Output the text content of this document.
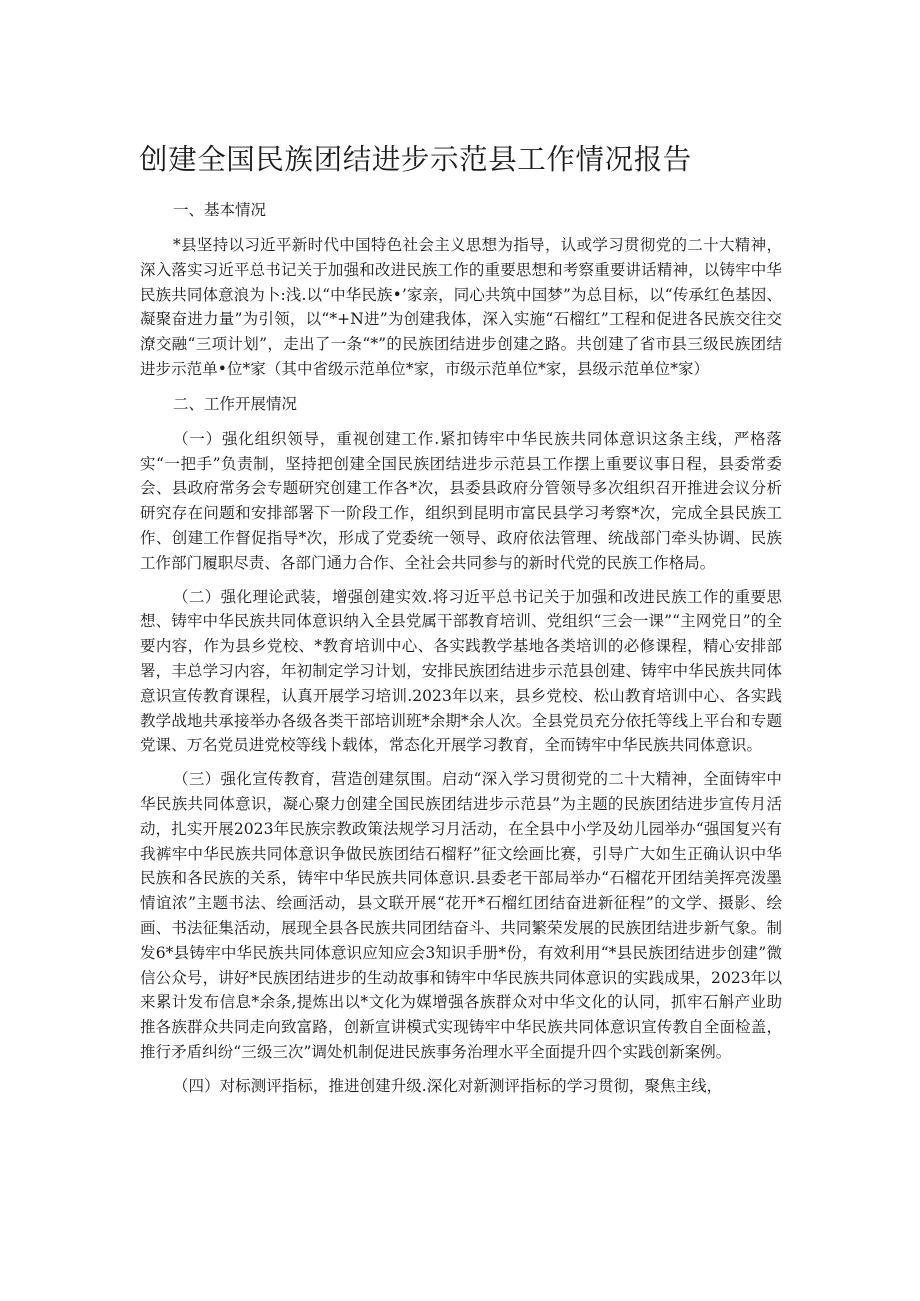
创建全国民族团结进步示范县工作情况报告

一、基本情况

*县坚持以习近平新时代中国特色社会主义思想为指导，认或学习贯彻党的二十大精神，深入落实习近平总书记关于加强和改进民族工作的重要思想和考察重要讲话精神，以铸牢中华民族共同体意浪为卜:浅.以“中华民族•’家亲，同心共筑中国梦”为总目标，以“传承红色基因、凝聚奋进力量”为引领，以“*+N进”为创建我体，深入实施“石榴红”工程和促进各民族交往交潦交融“三项计划”，走出了一条“*”的民族团结进步创建之路。共创建了省市县三级民族团结进步示范单•位*家（其中省级示范单位*家，市级示范单位*家，县级示范单位*家）

二、工作开展情况

（一）强化组织领导，重视创建工作.紧扣铸牢中华民族共同体意识这条主线，严格落实“一把手”负责制，坚持把创建全国民族团结进步示范县工作摆上重要议事日程，县委常委会、县政府常务会专题研究创建工作各*次，县委县政府分管领导多次组织召开推进会议分析研究存在问题和安排部署下一阶段工作，组织到昆明市富民县学习考察*次，完成全县民族工作、创建工作督促指导*次，形成了党委统一领导、政府依法管理、统战部门牵头协调、民族工作部门履职尽责、各部门通力合作、全社会共同参与的新时代党的民族工作格局。

（二）强化理论武装，增强创建实效.将习近平总书记关于加强和改进民族工作的重要思想、铸牢中华民族共同体意识纳入全县党属干部教育培训、党组织“三会一课”“主网党日”的全要内容，作为县乡党校、*教育培训中心、各实践教学基地各类培训的必修课程，精心安排部署，丰总学习内容，年初制定学习计划，安排民族团结进步示范县创建、铸牢中华民族共同体意识宣传教育课程，认真开展学习培训.2023年以来，县乡党校、松山教育培训中心、各实践教学战地共承接举办各级各类干部培训班*余期*余人次。全县党员充分依托等线上平台和专题党课、万名党员进党校等线卜载体，常态化开展学习教育，全而铸牢中华民族共同体意识。

（三）强化宣传教育，营造创建氛围。启动“深入学习贯彻党的二十大精神，全面铸牢中华民族共同体意识，凝心聚力创建全国民族团结进步示范县”为主题的民族团结进步宣传月活动，扎实开展2023年民族宗教政策法规学习月活动，在全县中小学及幼儿园举办“强国复兴有我裤牢中华民族共同体意识争做民族团结石榴籽”征文绘画比赛，引导广大如生正确认识中华民族和各民族的关系，铸牢中华民族共同体意识.县委老干部局举办“石榴花开团结美挥亮泼墨情谊浓”主题书法、绘画活动，县文联开展“花开*石榴红团结奋进新征程”的文学、摄影、绘画、书法征集活动，展现全县各民族共同团结奋斗、共同繁荣发展的民族团结进步新气象。制发6*县铸牢中华民族共同体意识应知应会3知识手册*份，有效利用“*县民族团结进步创建”微信公众号，讲好*民族团结进步的生动故事和铸牢中华民族共同体意识的实践成果，2023年以来累计发布信息*余条,提炼出以*文化为媒增强各族群众对中华文化的认同，抓牢石斛产业助推各族群众共同走向致富路，创新宣讲模式实现铸牢中华民族共同体意识宣传教自全面检盖，推行矛盾纠纷“三级三次”调处机制促进民族事务治理水平全面提升四个实践创新案例。

（四）对标测评指标，推进创建升级.深化对新测评指标的学习贯彻，聚焦主线，
